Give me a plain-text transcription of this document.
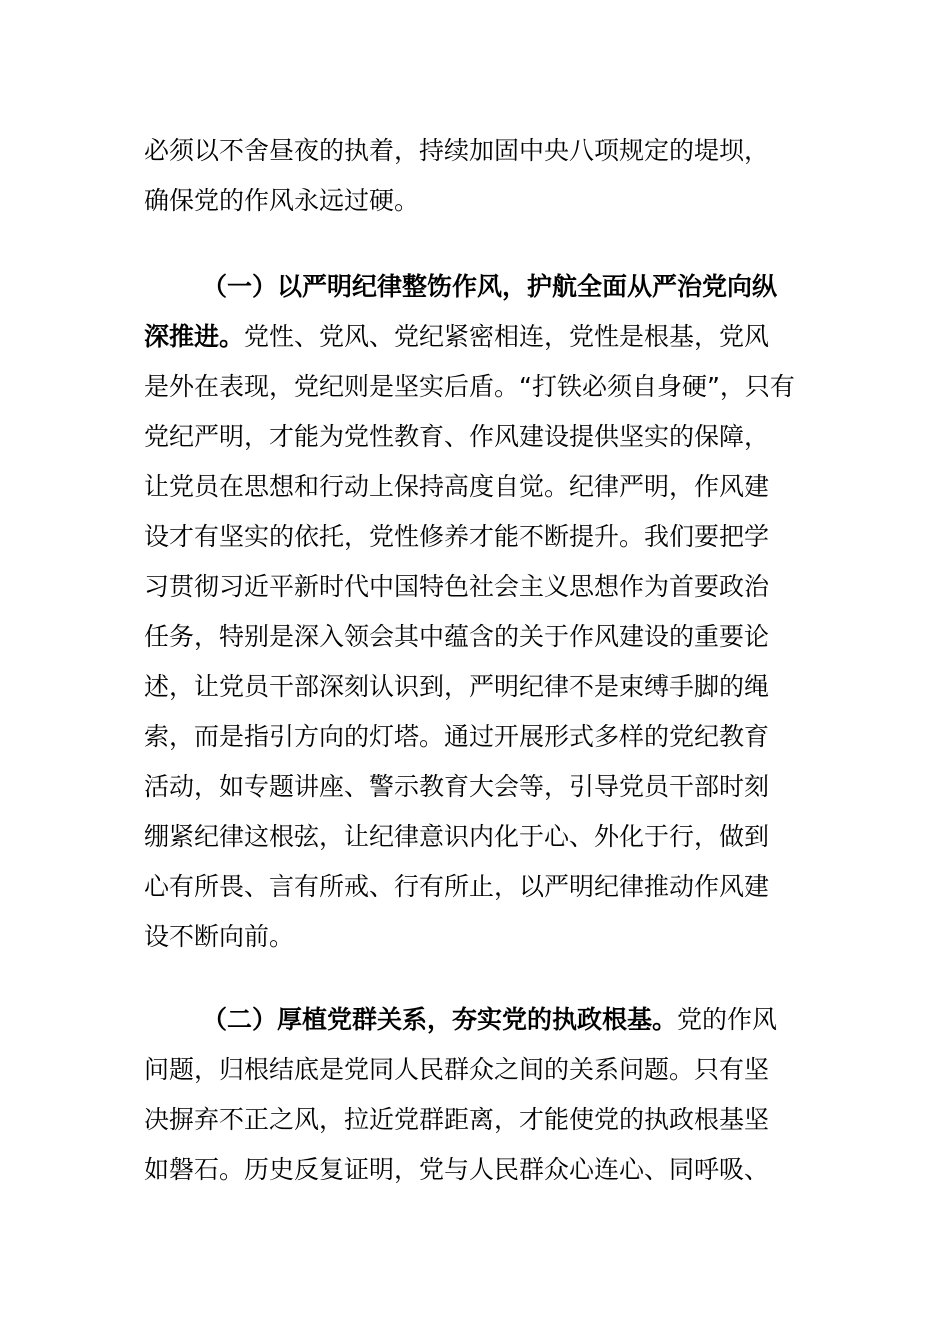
必须以不舍昼夜的执着，持续加固中央八项规定的堤坝，
确保党的作风永远过硬。
（一）以严明纪律整饬作风，护航全面从严治党向纵
深推进。党性、党风、党纪紧密相连，党性是根基，党风
是外在表现，党纪则是坚实后盾。“打铁必须自身硬”，只有
党纪严明，才能为党性教育、作风建设提供坚实的保障，
让党员在思想和行动上保持高度自觉。纪律严明，作风建
设才有坚实的依托，党性修养才能不断提升。我们要把学
习贯彻习近平新时代中国特色社会主义思想作为首要政治
任务，特别是深入领会其中蕴含的关于作风建设的重要论
述，让党员干部深刻认识到，严明纪律不是束缚手脚的绳
索，而是指引方向的灯塔。通过开展形式多样的党纪教育
活动，如专题讲座、警示教育大会等，引导党员干部时刻
绷紧纪律这根弦，让纪律意识内化于心、外化于行，做到
心有所畏、言有所戒、行有所止，以严明纪律推动作风建
设不断向前。
（二）厚植党群关系，夯实党的执政根基。党的作风
问题，归根结底是党同人民群众之间的关系问题。只有坚
决摒弃不正之风，拉近党群距离，才能使党的执政根基坚
如磐石。历史反复证明，党与人民群众心连心、同呼吸、
